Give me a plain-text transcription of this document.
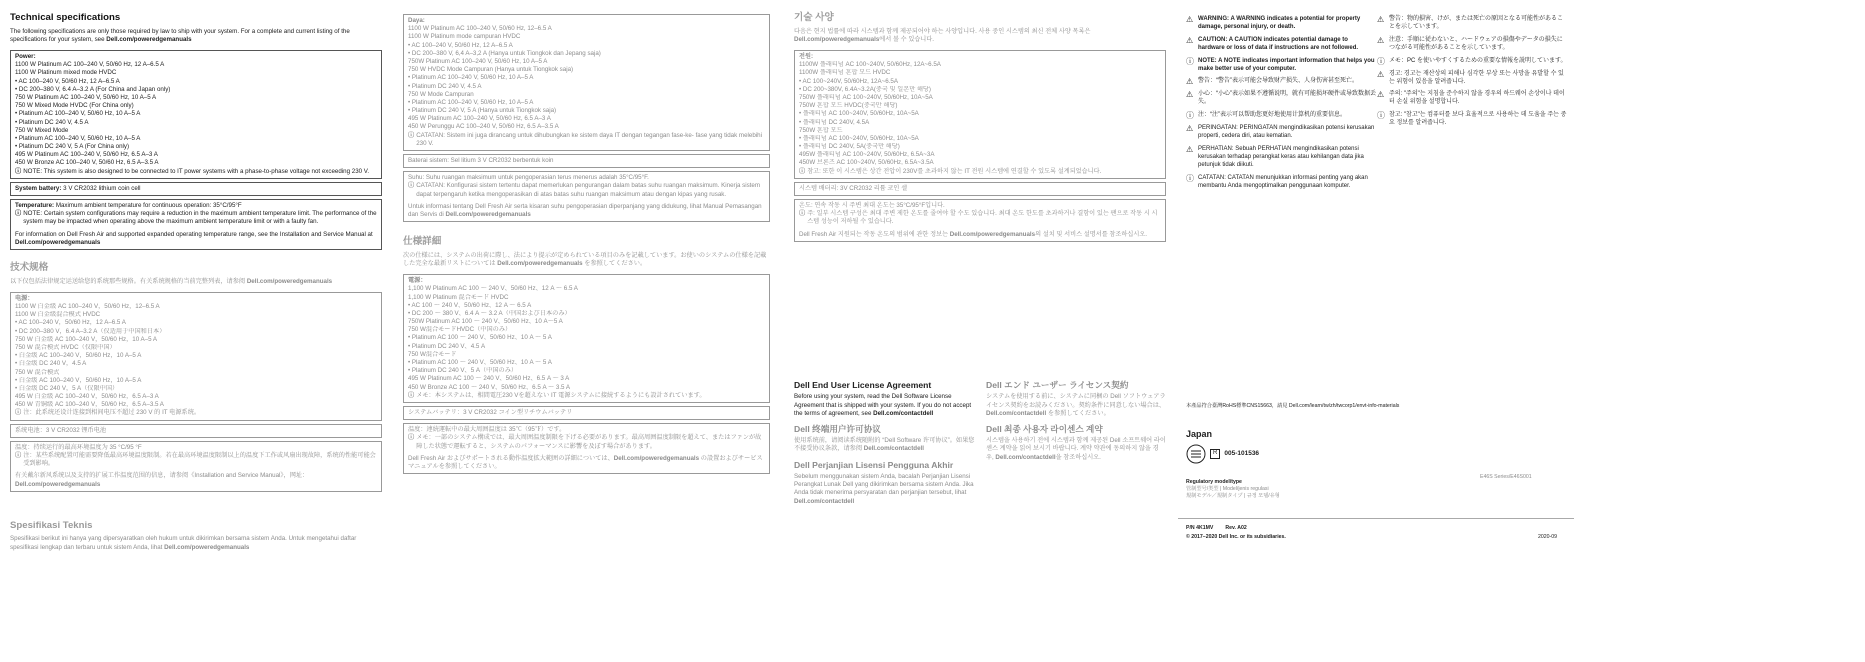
Technical specifications

The following specifications are only those required by law to ship with your system. For a complete and current listing of the specifications for your system, see Dell.com/poweredgemanuals

Power:
1100 W Platinum AC 100–240 V, 50/60 Hz, 12 A–6.5 A
1100 W Platinum mixed mode HVDC
• AC 100–240 V, 50/60 Hz, 12 A–6.5 A
• DC 200–380 V, 6.4 A–3.2 A (For China and Japan only)
750 W Platinum AC 100–240 V, 50/60 Hz, 10 A–5 A
750 W Mixed Mode HVDC (For China only)
• Platinum AC 100–240 V, 50/60 Hz, 10 A–5 A
• Platinum DC 240 V, 4.5 A
750 W Mixed Mode
• Platinum AC 100–240 V, 50/60 Hz, 10 A–5 A
• Platinum DC 240 V, 5 A (For China only)
495 W Platinum AC 100–240 V, 50/60 Hz, 6.5 A–3 A
450 W Bronze AC 100–240 V, 50/60 Hz, 6.5 A–3.5 A
ⓘ NOTE: This system is also designed to be connected to IT power systems with a phase-to-phase voltage not exceeding 230 V.
System battery: 3 V CR2032 lithium coin cell
Temperature: Maximum ambient temperature for continuous operation: 35°C/95°F
ⓘ NOTE: Certain system configurations may require a reduction in the maximum ambient temperature limit. The performance of the system may be impacted when operating above the maximum ambient temperature limit or with a faulty fan.
For information on Dell Fresh Air and supported expanded operating temperature range, see the Installation and Service Manual at Dell.com/poweredgemanuals
技术规格

以下仅包括法律规定运送给您的系统那些规格。有关系统规格的当前完整列表，请参阅 Dell.com/poweredgemanuals

电源：
1100 W 白金级 AC 100–240 V，50/60 Hz，12–6.5 A
1100 W 白金级混合模式 HVDC
• AC 100–240 V，50/60 Hz，12 A–6.5 A
• DC 200–380 V，6.4 A–3.2 A（仅适用于中国和日本）
750 W 白金级 AC 100–240 V，50/60 Hz，10 A–5 A
750 W 混合模式 HVDC（仅限中国）
• 白金级 AC 100–240 V，50/60 Hz，10 A–5 A
• 白金级 DC 240 V，4.5 A
750 W 混合模式
• 白金级 AC 100–240 V，50/60 Hz，10 A–5 A
• 白金级 DC 240 V，5 A（仅限中国）
495 W 白金级 AC 100–240 V，50/60 Hz，6.5 A–3 A
450 W 青铜级 AC 100–240 V，50/60 Hz，6.5 A–3.5 A
ⓘ 注：此系统还设计连接到相间电压不超过 230 V 的 IT 电源系统。
系统电池：3 V CR2032 锂币电池
温度：持续运行的最高环境温度为 35 °C/95 °F
ⓘ 注：某些系统配置可能需要降低最高环境温度限制。若在最高环境温度限制以上的温度下工作或风扇出现故障，系统的性能可能会受到影响。
有关戴尔新风系统以及支持的扩展工作温度范围的信息，请参阅《Installation and Service Manual》，网址：Dell.com/poweredgemanuals
Spesifikasi Teknis

Spesifikasi berikut ini hanya yang dipersyaratkan oleh hukum untuk dikirimkan bersama sistem Anda. Untuk mengetahui daftar spesifikasi lengkap dan terbaru untuk sistem Anda, lihat Dell.com/poweredgemanuals

Daya:
1100 W Platinum AC 100–240 V, 50/60 Hz, 12–6.5 A
1100 W Platinum mode campuran HVDC
• AC 100–240 V, 50/60 Hz, 12 A–6.5 A
• DC 200–380 V, 6,4 A–3,2 A (Hanya untuk Tiongkok dan Jepang saja)
750W Platinum AC 100–240 V, 50/60 Hz, 10 A–5 A
750 W HVDC Mode Campuran (Hanya untuk Tiongkok saja)
• Platinum AC 100–240 V, 50/60 Hz, 10 A–5 A
• Platinum DC 240 V, 4.5 A
750 W Mode Campuran
• Platinum AC 100–240 V, 50/60 Hz, 10 A–5 A
• Platinum DC 240 V, 5 A (Hanya untuk Tiongkok saja)
495 W Platinum AC 100–240 V, 50/60 Hz, 6.5 A–3 A
450 W Perunggu AC 100–240 V, 50/60 Hz, 6.5 A–3.5 A
ⓘ CATATAN: Sistem ini juga dirancang untuk dihubungkan ke sistem daya IT dengan tegangan fase-ke- fase yang tidak melebihi 230 V.
Baterai sistem: Sel litium 3 V CR2032 berbentuk koin
Suhu: Suhu ruangan maksimum untuk pengoperasian terus menerus adalah 35°C/95°F.
ⓘ CATATAN: Konfigurasi sistem tertentu dapat memerlukan pengurangan dalam batas suhu ruangan maksimum. Kinerja sistem dapat terpengaruh ketika mengoperasikan di atas batas suhu ruangan maksimum atau dengan kipas yang rusak.
Untuk informasi tentang Dell Fresh Air serta kisaran suhu pengoperasian diperpanjang yang didukung, lihat Manual Pemasangan dan Servis di Dell.com/poweredgemanuals
仕様詳細

次の仕様には、システムの出荷に際し、法により提示が定められている項目のみを記載しています。お使いのシステムの仕様を記載した完全な最新リストについては Dell.com/poweredgemanuals を参照してください。

電源：
1,100 W Platinum AC 100 ～ 240 V、50/60 Hz、12 A ～ 6.5 A
1,100 W Platinum 混合モード HVDC
• AC 100 ～ 240 V、50/60 Hz、12 A ～ 6.5 A
• DC 200 ～ 380 V、6.4 A ～ 3.2 A（中国および日本のみ）
750W Platinum AC 100 ～ 240 V、50/60 Hz、10 A～5 A
750 W混合モードHVDC（中国のみ）
• Platinum AC 100 ～ 240 V、50/60 Hz、10 A ～ 5 A
• Platinum DC 240 V、4.5 A
750 W混合モード
• Platinum AC 100 ～ 240 V、50/60 Hz、10 A ～ 5 A
• Platinum DC 240 V、5 A（中国のみ）
495 W Platinum AC 100 ～ 240 V、50/60 Hz、6.5 A ～ 3 A
450 W Bronze AC 100 ～ 240 V、50/60 Hz、6.5 A ～ 3.5 A
ⓘ メモ：本システムは、相間電圧230 Vを超えない IT 電源システムに接続するようにも設計されています。
システムバッテリ：3 V CR2032 コイン型リチウムバッテリ
温度：連続運転中の最大周囲温度は 35℃（95℉）です。
ⓘ メモ：一部のシステム構成では、最大周囲温度制限を下げる必要があります。最高周囲温度制限を超えて、またはファンが故障した状態で運転すると、システムのパフォーマンスに影響を及ぼす場合があります。
Dell Fresh Air およびサポートされる動作温度拡大範囲の詳細については、Dell.com/poweredgemanuals の設置およびサービスマニュアルを参照してください。
기술 사양

다음은 현지 법률에 따라 시스템과 함께 제공되어야 하는 사양입니다. 사용 중인 시스템의 최신 전체 사양 목록은 Dell.com/poweredgemanuals에서 볼 수 있습니다.

전원:
1100W 플래티넘 AC 100~240V, 50/60Hz, 12A~6.5A
1100W 플래티넘 혼합 모드 HVDC
• AC 100~240V, 50/60Hz, 12A~6.5A
• DC 200~380V, 6.4A~3.2A(중국 및 일본만 해당)
750W 플래티넘 AC 100~240V, 50/60Hz, 10A~5A
750W 혼합 모드 HVDC(중국만 해당)
• 플래티넘 AC 100~240V, 50/60Hz, 10A~5A
• 플래티넘 DC 240V, 4.5A
750W 혼합 모드
• 플래티넘 AC 100~240V, 50/60Hz, 10A~5A
• 플래티넘 DC 240V, 5A(중국만 해당)
495W 플래티넘 AC 100~240V, 50/60Hz, 6.5A~3A
450W 브론즈 AC 100~240V, 50/60Hz, 6.5A~3.5A
ⓘ 참고: 또한 이 시스템은 상간 전압이 230V를 초과하지 않는 IT 전원 시스템에 연결할 수 있도록 설계되었습니다.
시스템 배터리: 3V CR2032 리튬 코인 셀
온도: 연속 작동 시 주변 최대 온도는 35°C/95°F입니다.
ⓘ 주: 일부 시스템 구성은 최대 주변 제한 온도를 줄여야 할 수도 있습니다. 최대 온도 한도를 초과하거나 결함이 있는 팬으로 작동 시 시스템 성능이 저하될 수 있습니다.
Dell Fresh Air 지원되는 작동 온도의 범위에 관한 정보는 Dell.com/poweredgemanuals의 설치 및 서비스 설명서를 참조하십시오.
Dell End User License Agreement

Before using your system, read the Dell Software License Agreement that is shipped with your system. If you do not accept the terms of agreement, see Dell.com/contactdell

Dell 终端用户许可协议

使用系统前，请阅读系统随附的 “Dell Software 许可协议”。如果您不接受协议条款，请参阅 Dell.com/contactdell

Dell Perjanjian Lisensi Pengguna Akhir

Sebelum menggunakan sistem Anda, bacalah Perjanjian Lisensi Perangkat Lunak Dell yang dikirimkan bersama sistem Anda. Jika Anda tidak menerima persyaratan dan perjanjian tersebut, lihat Dell.com/contactdell

Dell エンド ユーザー ライセンス契約

システムを使用する前に、システムに同梱の Dell ソフトウェアライセンス契約をお読みください。契約条件に同意しない場合は、Dell.com/contactdell を参照してください。

Dell 최종 사용자 라이센스 계약

시스템을 사용하기 전에 시스템과 함께 제공된 Dell 소프트웨어 라이센스 계약을 읽어 보시기 바랍니다. 계약 약관에 동의하지 않을 경우, Dell.com/contactdell을 참조하십시오.

⚠ WARNING: A WARNING indicates a potential for property damage, personal injury, or death.
⚠ CAUTION: A CAUTION indicates potential damage to hardware or loss of data if instructions are not followed.
ⓘ NOTE: A NOTE indicates important information that helps you make better use of your computer.
⚠ 警告：“警告”表示可能会导致财产损失、人身伤害甚至死亡。
⚠ 小心：“小心”表示如果不遵循说明，就有可能损坏硬件或导致数据丢失。
ⓘ 注：“注”表示可以帮助您更好地使用计算机的重要信息。
⚠ PERINGATAN: PERINGATAN mengindikasikan potensi kerusakan properti, cedera diri, atau kematian.
⚠ PERHATIAN: Sebuah PERHATIAN mengindikasikan potensi kerusakan terhadap perangkat keras atau kehilangan data jika petunjuk tidak diikuti.
ⓘ CATATAN: CATATAN menunjukkan informasi penting yang akan membantu Anda mengoptimalkan penggunaan komputer.
⚠ 警告：物的損害、けが、または死亡の原因となる可能性があることを示しています。
⚠ 注意：手順に従わないと、ハードウェアの損傷やデータの損失につながる可能性があることを示しています。
ⓘ メモ：PC を使いやすくするための重要な情報を説明しています。
⚠ 경고: 경고는 재산상의 피해나 심각한 부상 또는 사망을 유발할 수 있는 위험이 있음을 알려줍니다.
⚠ 주의: "주의"는 지침을 준수하지 않을 경우의 하드웨어 손상이나 데이터 손실 위험을 설명합니다.
ⓘ 참고: "참고"는 컴퓨터를 보다 효율적으로 사용하는 데 도움을 주는 중요 정보를 알려줍니다.
本產品符合臺灣RoHS標準CNS15663，請見 Dell.com/learn/tw/zh/twcorp1/envt-info-materials
Japan
R	005-101536
E46S Series/E46S001
Regulatory model/type
管制型号/类型 | Model/jenis regulasi
規制モデル／規制タイプ | 규정 모델/유형
P/N 4K1MV Rev. A02
© 2017–2020 Dell Inc. or its subsidiaries.	2020-09
